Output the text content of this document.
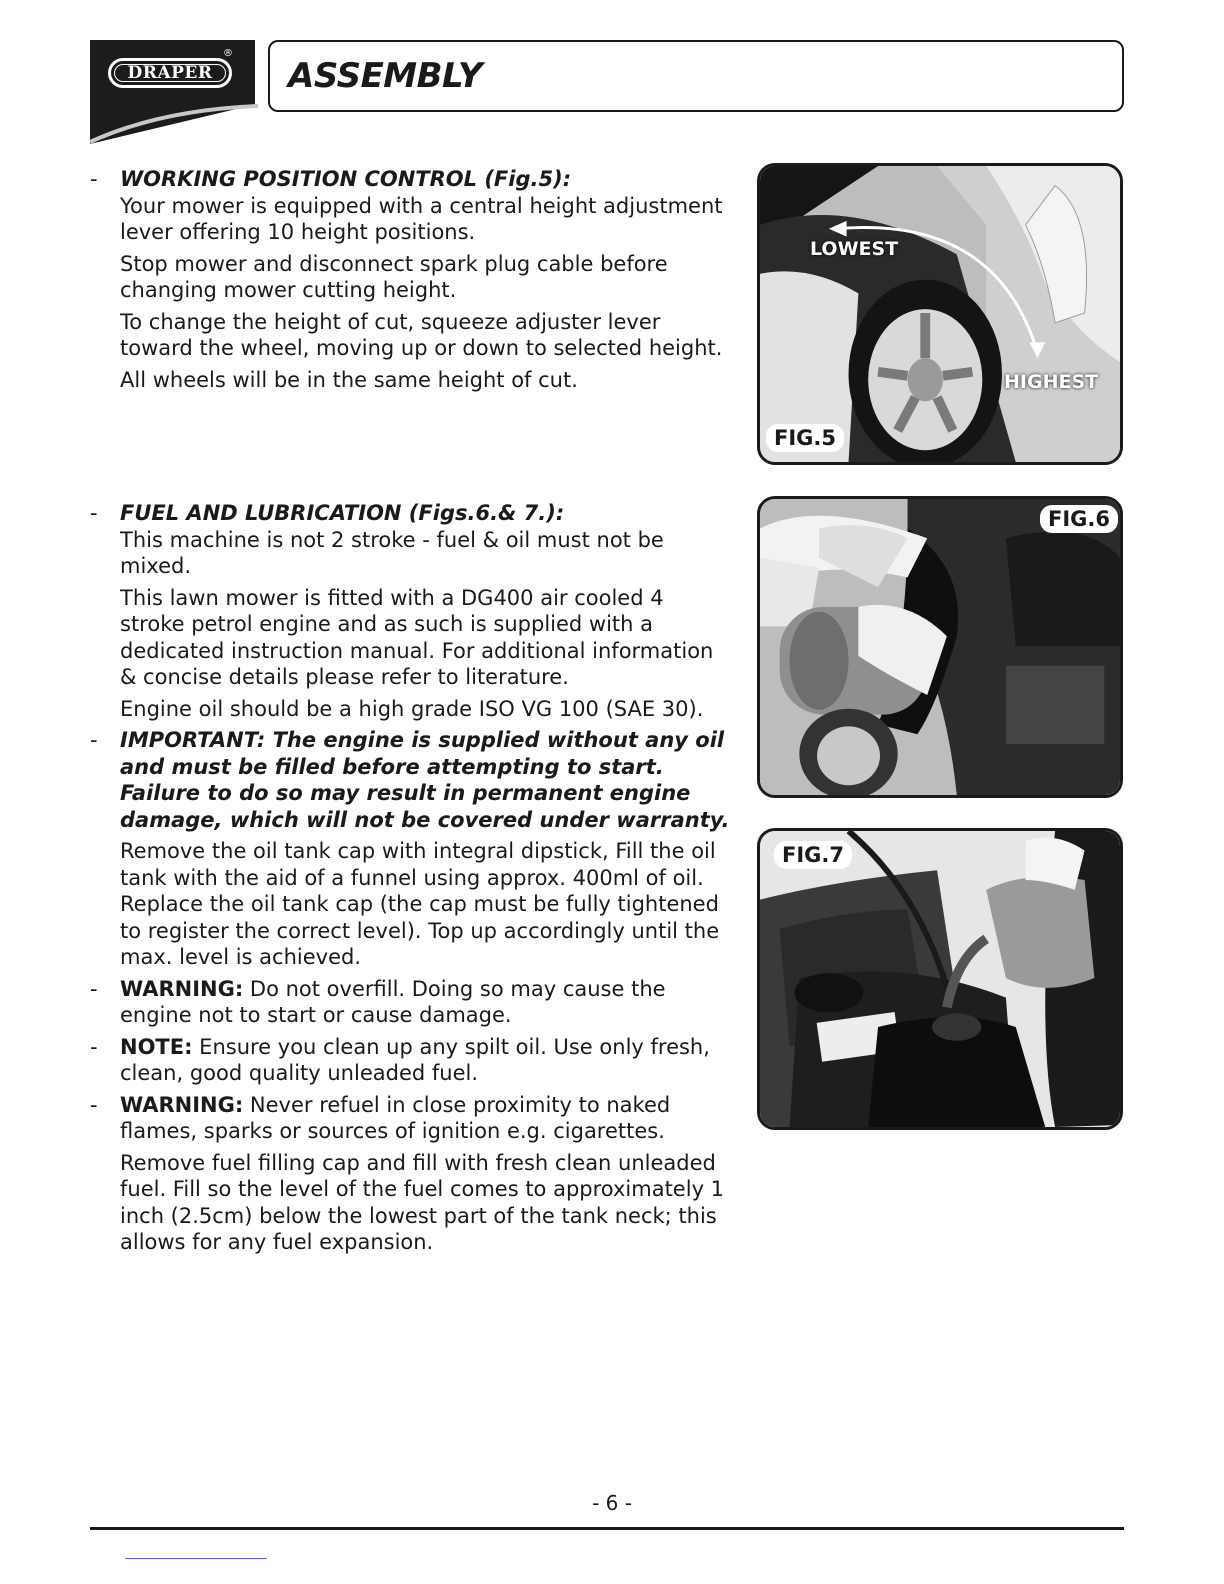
DRAPER
®
ASSEMBLY
- WORKING POSITION CONTROL (Fig.5):
Your mower is equipped with a central height adjustment lever offering 10 height positions.
Stop mower and disconnect spark plug cable before changing mower cutting height.
To change the height of cut, squeeze adjuster lever toward the wheel, moving up or down to selected height.
All wheels will be in the same height of cut.
- FUEL AND LUBRICATION (Figs.6.& 7.):
This machine is not 2 stroke - fuel & oil must not be mixed.
This lawn mower is fitted with a DG400 air cooled 4 stroke petrol engine and as such is supplied with a dedicated instruction manual. For additional information & concise details please refer to literature.
Engine oil should be a high grade ISO VG 100 (SAE 30).
- IMPORTANT: The engine is supplied without any oil and must be filled before attempting to start. Failure to do so may result in permanent engine damage, which will not be covered under warranty.
Remove the oil tank cap with integral dipstick, Fill the oil tank with the aid of a funnel using approx. 400ml of oil. Replace the oil tank cap (the cap must be fully tightened to register the correct level). Top up accordingly until the max. level is achieved.
- WARNING: Do not overfill. Doing so may cause the engine not to start or cause damage.
- NOTE: Ensure you clean up any spilt oil. Use only fresh, clean, good quality unleaded fuel.
- WARNING: Never refuel in close proximity to naked flames, sparks or sources of ignition e.g. cigarettes.
Remove fuel filling cap and fill with fresh clean unleaded fuel. Fill so the level of the fuel comes to approximately 1 inch (2.5cm) below the lowest part of the tank neck; this allows for any fuel expansion.
LOWEST
HIGHEST
FIG.5
FIG.6
FIG.7
- 6 -
